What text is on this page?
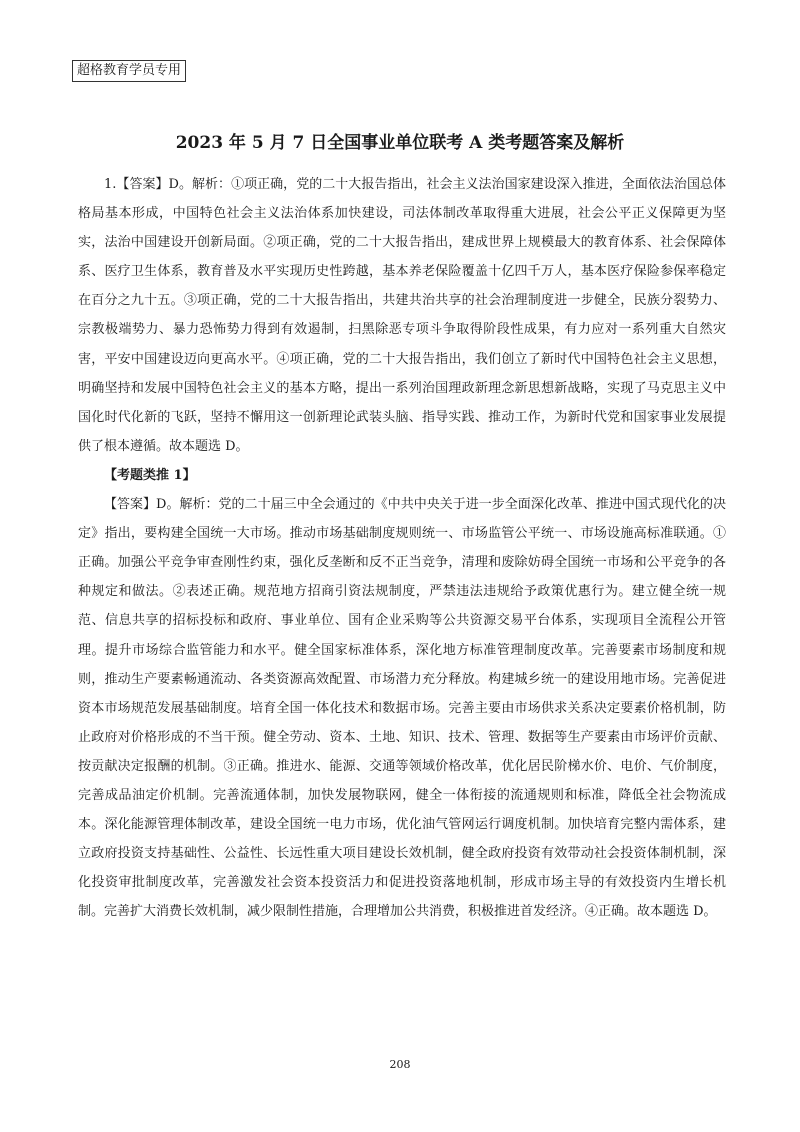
超格教育学员专用
2023 年 5 月 7 日全国事业单位联考 A 类考题答案及解析

1.【答案】D。解析：①项正确，党的二十大报告指出，社会主义法治国家建设深入推进，全面依法治国总体格局基本形成，中国特色社会主义法治体系加快建设，司法体制改革取得重大进展，社会公平正义保障更为坚实，法治中国建设开创新局面。②项正确，党的二十大报告指出，建成世界上规模最大的教育体系、社会保障体系、医疗卫生体系，教育普及水平实现历史性跨越，基本养老保险覆盖十亿四千万人，基本医疗保险参保率稳定在百分之九十五。③项正确，党的二十大报告指出，共建共治共享的社会治理制度进一步健全，民族分裂势力、宗教极端势力、暴力恐怖势力得到有效遏制，扫黑除恶专项斗争取得阶段性成果，有力应对一系列重大自然灾害，平安中国建设迈向更高水平。④项正确，党的二十大报告指出，我们创立了新时代中国特色社会主义思想，明确坚持和发展中国特色社会主义的基本方略，提出一系列治国理政新理念新思想新战略，实现了马克思主义中国化时代化新的飞跃，坚持不懈用这一创新理论武装头脑、指导实践、推动工作，为新时代党和国家事业发展提供了根本遵循。故本题选 D。

【考题类推 1】

【答案】D。解析：党的二十届三中全会通过的《中共中央关于进一步全面深化改革、推进中国式现代化的决定》指出，要构建全国统一大市场。推动市场基础制度规则统一、市场监管公平统一、市场设施高标准联通。①正确。加强公平竞争审查刚性约束，强化反垄断和反不正当竞争，清理和废除妨碍全国统一市场和公平竞争的各种规定和做法。②表述正确。规范地方招商引资法规制度，严禁违法违规给予政策优惠行为。建立健全统一规范、信息共享的招标投标和政府、事业单位、国有企业采购等公共资源交易平台体系，实现项目全流程公开管理。提升市场综合监管能力和水平。健全国家标准体系，深化地方标准管理制度改革。完善要素市场制度和规则，推动生产要素畅通流动、各类资源高效配置、市场潜力充分释放。构建城乡统一的建设用地市场。完善促进资本市场规范发展基础制度。培育全国一体化技术和数据市场。完善主要由市场供求关系决定要素价格机制，防止政府对价格形成的不当干预。健全劳动、资本、土地、知识、技术、管理、数据等生产要素由市场评价贡献、按贡献决定报酬的机制。③正确。推进水、能源、交通等领域价格改革，优化居民阶梯水价、电价、气价制度，完善成品油定价机制。完善流通体制，加快发展物联网，健全一体衔接的流通规则和标准，降低全社会物流成本。深化能源管理体制改革，建设全国统一电力市场，优化油气管网运行调度机制。加快培育完整内需体系，建立政府投资支持基础性、公益性、长远性重大项目建设长效机制，健全政府投资有效带动社会投资体制机制，深化投资审批制度改革，完善激发社会资本投资活力和促进投资落地机制，形成市场主导的有效投资内生增长机制。完善扩大消费长效机制，减少限制性措施，合理增加公共消费，积极推进首发经济。④正确。故本题选 D。

208
